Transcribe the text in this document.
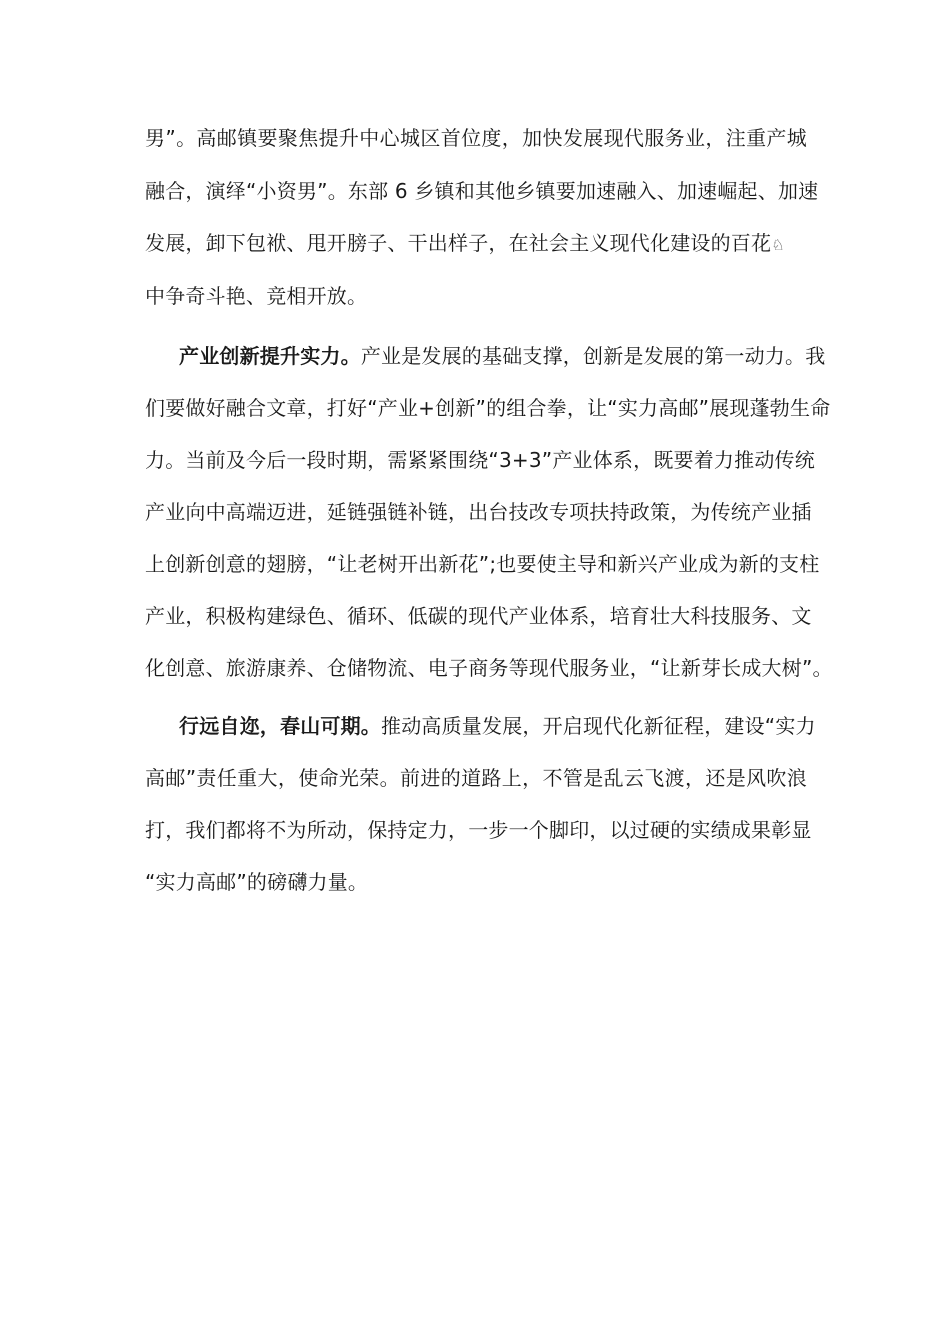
男”。高邮镇要聚焦提升中心城区首位度，加快发展现代服务业，注重产城
融合，演绎“小资男”。东部 6 乡镇和其他乡镇要加速融入、加速崛起、加速
发展，卸下包袱、甩开膀子、干出样子，在社会主义现代化建设的百花♘
中争奇斗艳、竞相开放。
产业创新提升实力。产业是发展的基础支撑，创新是发展的第一动力。我
们要做好融合文章，打好“产业+创新”的组合拳，让“实力高邮”展现蓬勃生命
力。当前及今后一段时期，需紧紧围绕“3+3”产业体系，既要着力推动传统
产业向中高端迈进，延链强链补链，出台技改专项扶持政策，为传统产业插
上创新创意的翅膀，“让老树开出新花”;也要使主导和新兴产业成为新的支柱
产业，积极构建绿色、循环、低碳的现代产业体系，培育壮大科技服务、文
化创意、旅游康养、仓储物流、电子商务等现代服务业，“让新芽长成大树”。
行远自迩，春山可期。推动高质量发展，开启现代化新征程，建设“实力
高邮”责任重大，使命光荣。前进的道路上，不管是乱云飞渡，还是风吹浪
打，我们都将不为所动，保持定力，一步一个脚印，以过硬的实绩成果彰显
“实力高邮”的磅礴力量。
